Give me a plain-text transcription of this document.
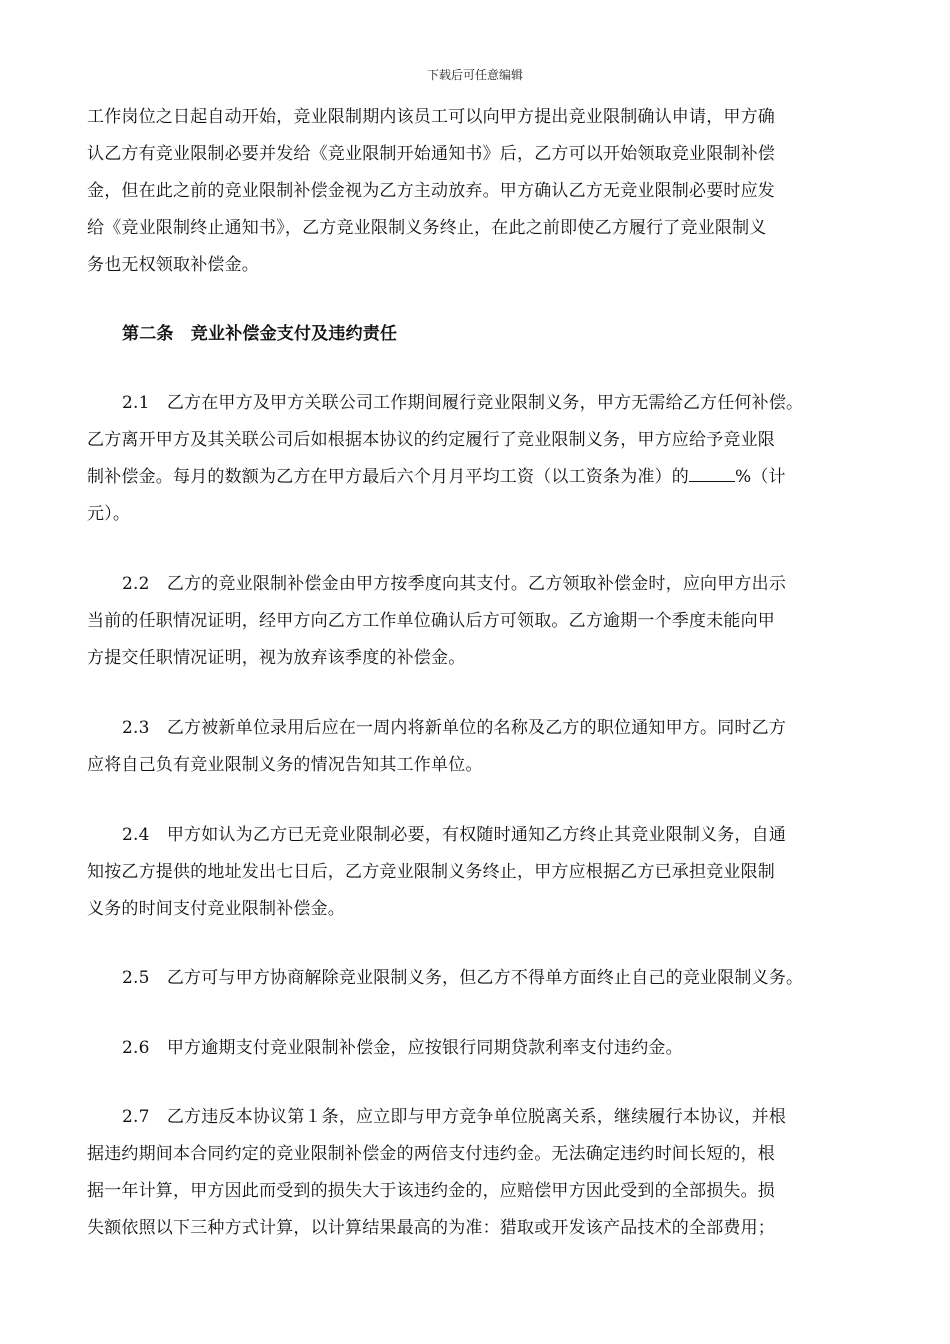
下载后可任意编辑
工作岗位之日起自动开始，竞业限制期内该员工可以向甲方提出竞业限制确认申请，甲方确
认乙方有竞业限制必要并发给《竞业限制开始通知书》后，乙方可以开始领取竞业限制补偿
金，但在此之前的竞业限制补偿金视为乙方主动放弃。甲方确认乙方无竞业限制必要时应发
给《竞业限制终止通知书》，乙方竞业限制义务终止，在此之前即使乙方履行了竞业限制义
务也无权领取补偿金。
第二条　竞业补偿金支付及违约责任
2.1　乙方在甲方及甲方关联公司工作期间履行竞业限制义务，甲方无需给乙方任何补偿。
乙方离开甲方及其关联公司后如根据本协议的约定履行了竞业限制义务，甲方应给予竞业限
制补偿金。每月的数额为乙方在甲方最后六个月月平均工资（以工资条为准）的	%（计
元）。
2.2　乙方的竞业限制补偿金由甲方按季度向其支付。乙方领取补偿金时，应向甲方出示
当前的任职情况证明，经甲方向乙方工作单位确认后方可领取。乙方逾期一个季度未能向甲
方提交任职情况证明，视为放弃该季度的补偿金。
2.3　乙方被新单位录用后应在一周内将新单位的名称及乙方的职位通知甲方。同时乙方
应将自己负有竞业限制义务的情况告知其工作单位。
2.4　甲方如认为乙方已无竞业限制必要，有权随时通知乙方终止其竞业限制义务，自通
知按乙方提供的地址发出七日后，乙方竞业限制义务终止，甲方应根据乙方已承担竞业限制
义务的时间支付竞业限制补偿金。
2.5　乙方可与甲方协商解除竞业限制义务，但乙方不得单方面终止自己的竞业限制义务。
2.6　甲方逾期支付竞业限制补偿金，应按银行同期贷款利率支付违约金。
2.7　乙方违反本协议第１条，应立即与甲方竞争单位脱离关系，继续履行本协议，并根
据违约期间本合同约定的竞业限制补偿金的两倍支付违约金。无法确定违约时间长短的，根
据一年计算，甲方因此而受到的损失大于该违约金的，应赔偿甲方因此受到的全部损失。损
失额依照以下三种方式计算，以计算结果最高的为准：猎取或开发该产品技术的全部费用；
